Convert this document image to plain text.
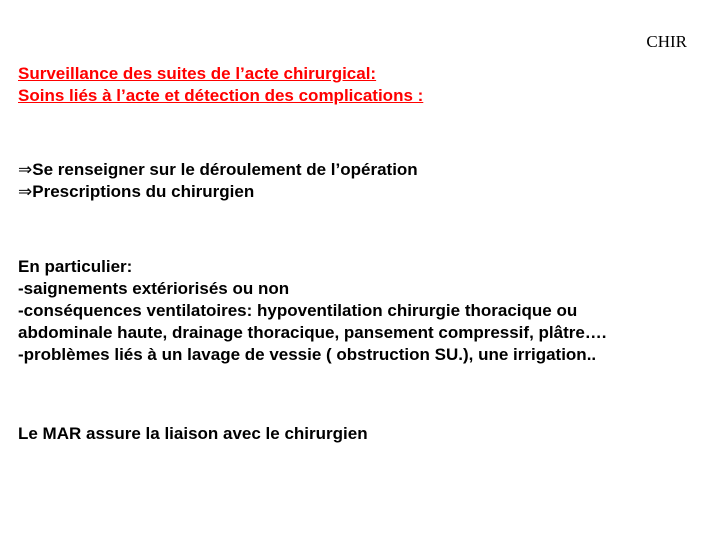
CHIR
Surveillance des suites de l’acte chirurgical:
Soins liés à l’acte et détection des complications :
⇒Se renseigner sur le déroulement de l’opération
⇒Prescriptions du chirurgien
En particulier:
-saignements extériorisés ou non
-conséquences ventilatoires: hypoventilation chirurgie thoracique ou
abdominale haute, drainage thoracique, pansement compressif, plâtre….
-problèmes liés à un lavage de vessie ( obstruction SU.), une irrigation..
Le MAR assure la liaison avec le chirurgien
